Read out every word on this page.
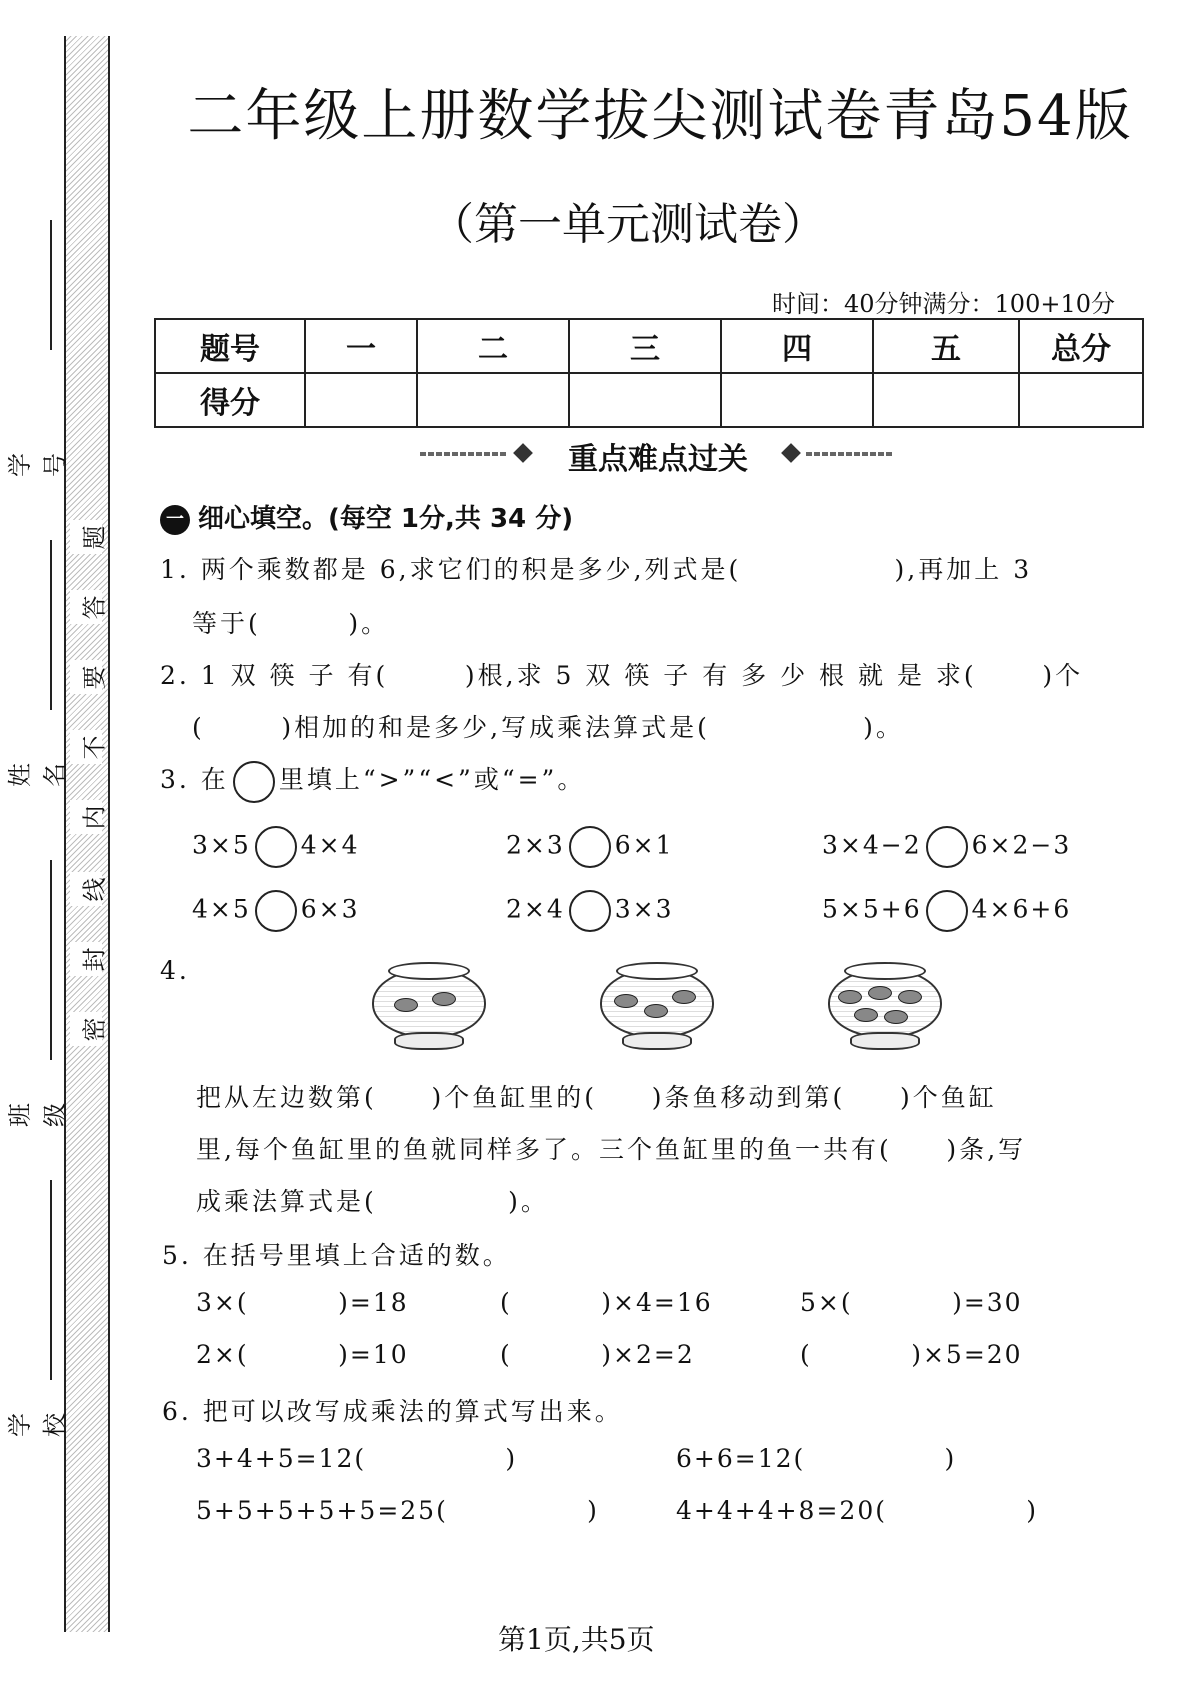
题
答
要
不
内
线
封
密
学号
姓名
班级
学校
二年级上册数学拔尖测试卷青岛54版
（第一单元测试卷）
时间：40分钟满分：100+10分
题号	一	二	三	四	五	总分
得分						
重点难点过关
一 细心填空。(每空 1分,共 34 分)
1. 两个乘数都是 6,求它们的积是多少,列式是(              ),再加上 3
等于(        )。
2. 1 双 筷 子 有(       )根,求 5 双 筷 子 有 多 少 根 就 是 求(      )个
(       )相加的和是多少,写成乘法算式是(              )。
3. 在 里填上“>”“<”或“=”。
3×5 4×4	2×3 6×1	3×4−2 6×2−3
4×5 6×3	2×4 3×3	5×5+6 4×6+6
4.
把从左边数第(     )个鱼缸里的(     )条鱼移动到第(     )个鱼缸
里,每个鱼缸里的鱼就同样多了。三个鱼缸里的鱼一共有(     )条,写
成乘法算式是(            )。
5. 在括号里填上合适的数。
3×(         )=18	(         )×4=16	5×(          )=30
2×(         )=10	(         )×2=2	(          )×5=20
6. 把可以改写成乘法的算式写出来。
3+4+5=12(              )	6+6=12(              )
5+5+5+5+5=25(              )	4+4+4+8=20(              )
第1页,共5页
